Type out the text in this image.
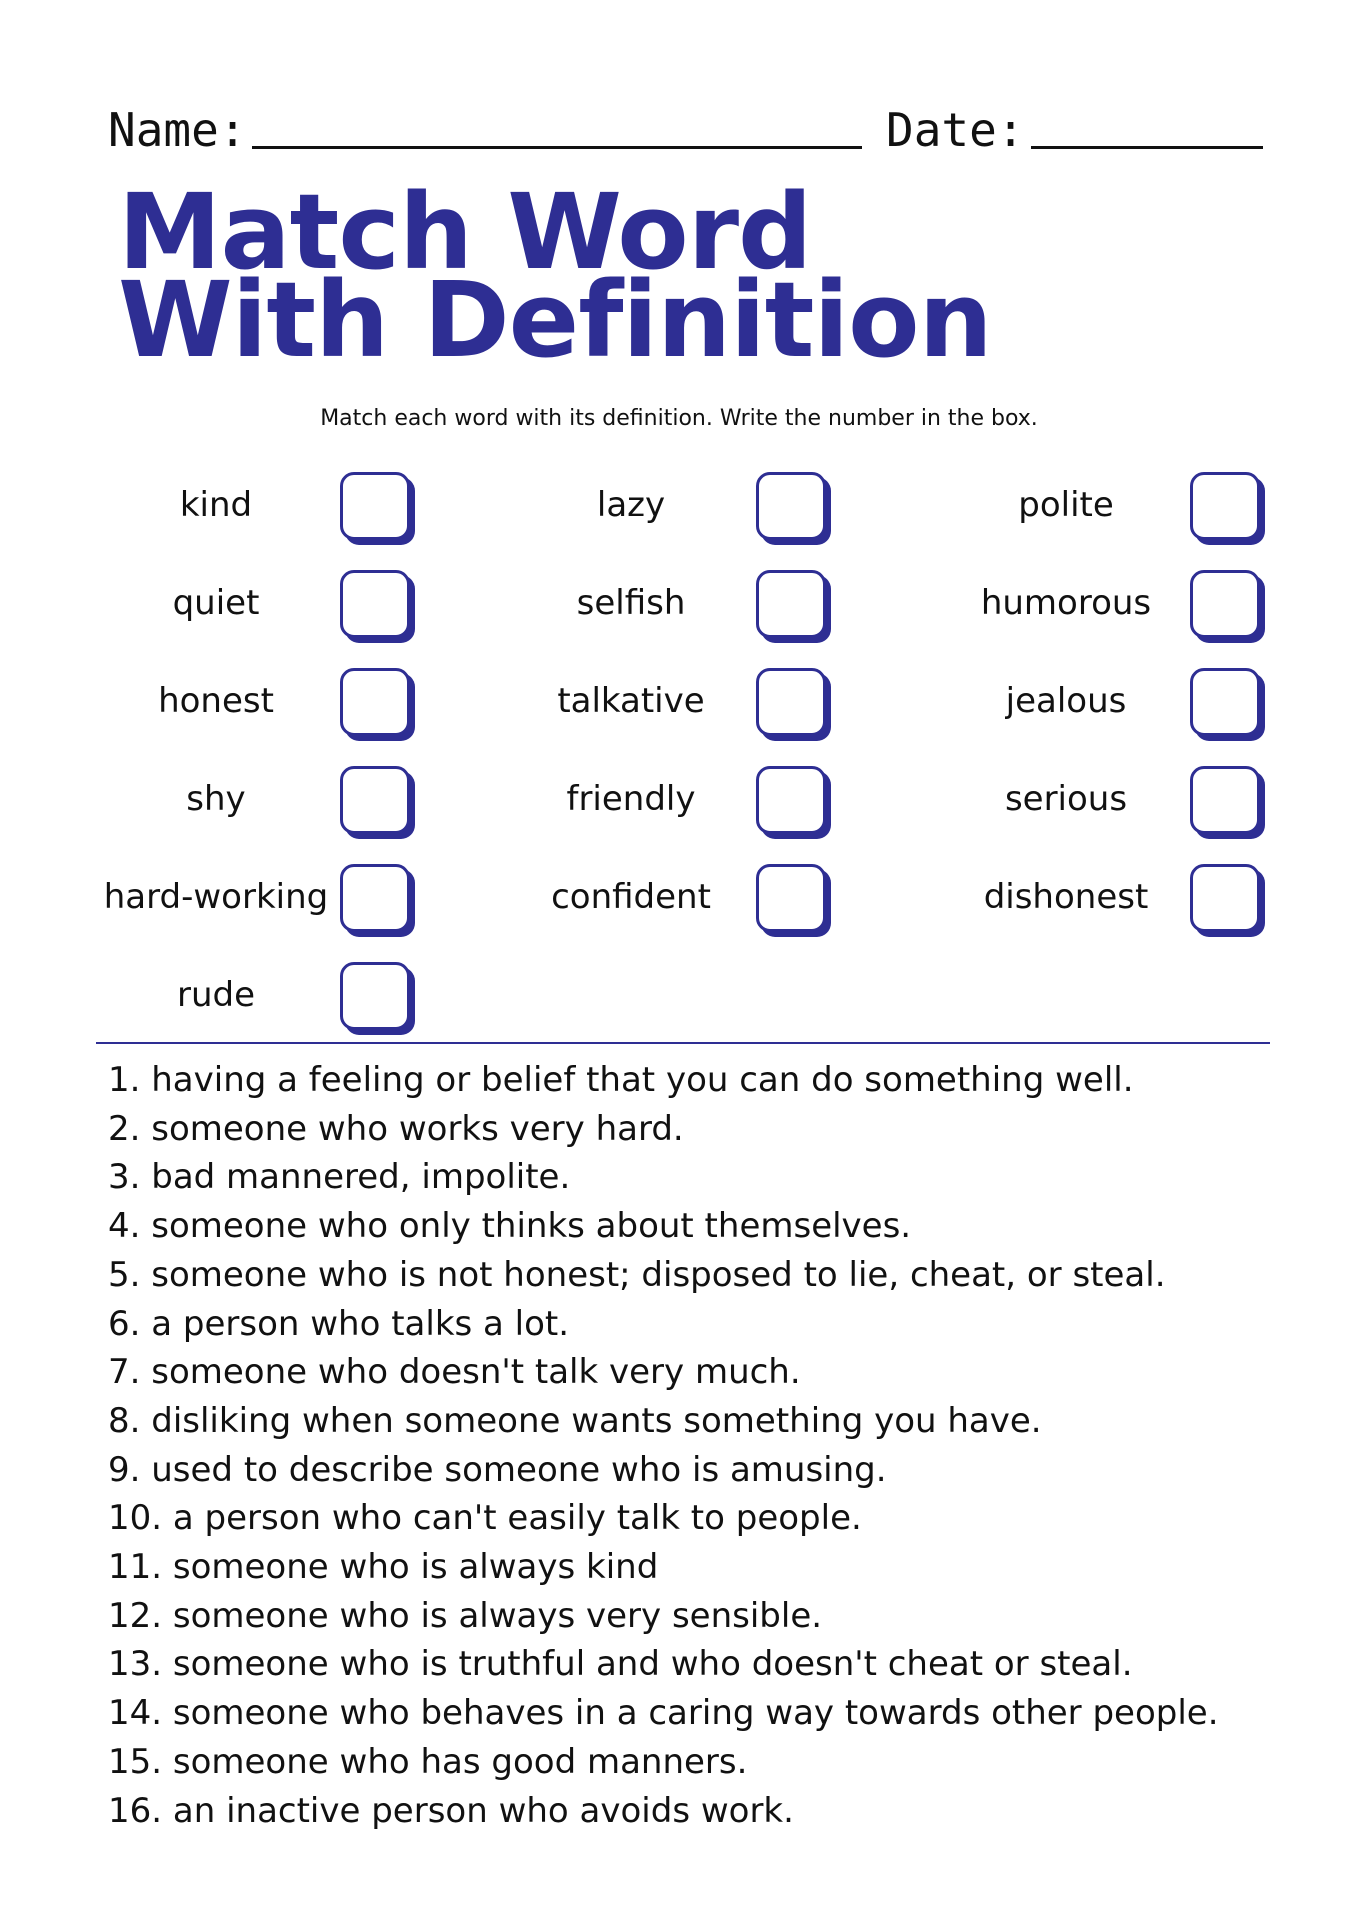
Name:	Date:
Match Word
With Definition
Match each word with its definition. Write the number in the box.
kind
quiet
honest
shy
hard-working
rude
lazy
selfish
talkative
friendly
confident
polite
humorous
jealous
serious
dishonest
1. having a feeling or belief that you can do something well.
2. someone who works very hard.
3. bad mannered, impolite.
4. someone who only thinks about themselves.
5. someone who is not honest; disposed to lie, cheat, or steal.
6. a person who talks a lot.
7. someone who doesn't talk very much.
8. disliking when someone wants something you have.
9. used to describe someone who is amusing.
10. a person who can't easily talk to people.
11. someone who is always kind
12. someone who is always very sensible.
13. someone who is truthful and who doesn't cheat or steal.
14. someone who behaves in a caring way towards other people.
15. someone who has good manners.
16. an inactive person who avoids work.
